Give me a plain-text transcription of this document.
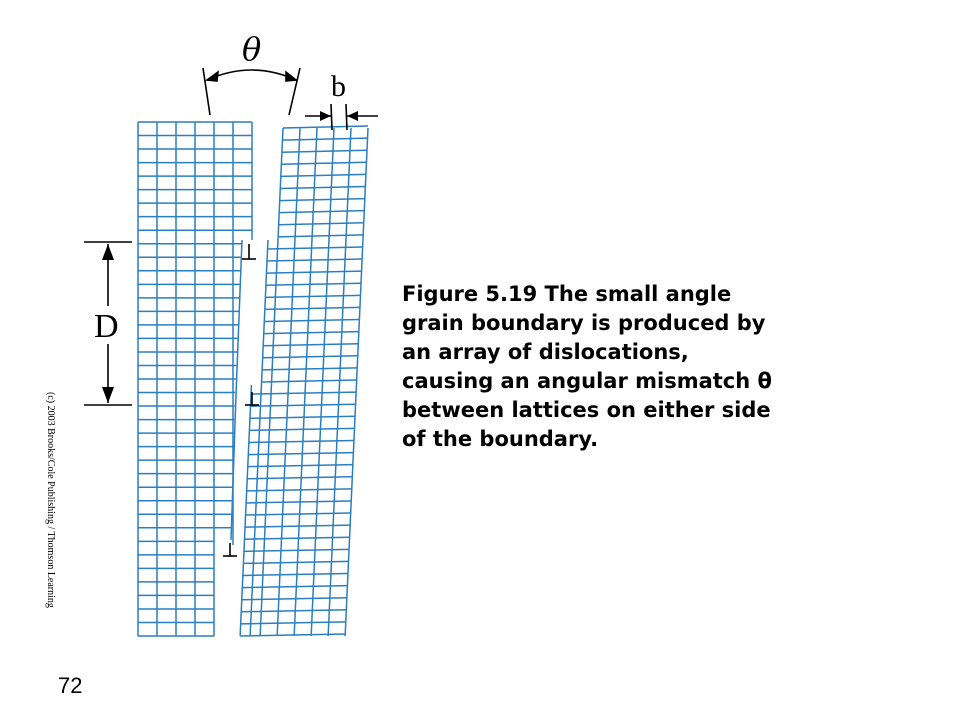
θ
b
D

Figure 5.19 The small angle

grain boundary is produced by

an array of dislocations,

causing an angular mismatch θ

between lattices on either side

of the boundary.

(c) 2003 Brooks/Cole Publishing / Thomson Learning
72
